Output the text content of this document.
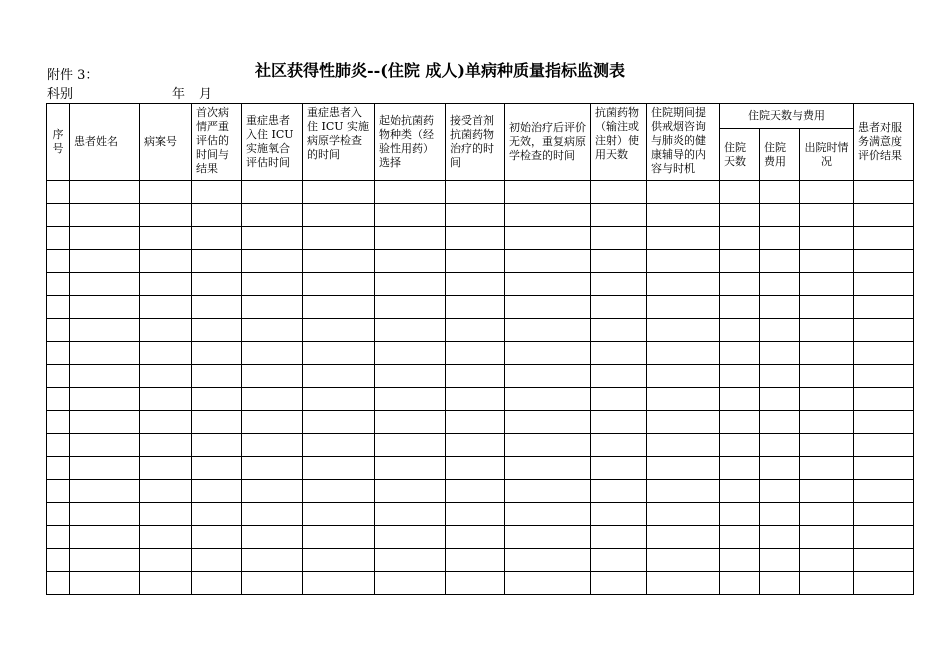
附件 3：	社区获得性肺炎--(住院 成人)单病种质量指标监测表
科别	年 月
序号	患者姓名	病案号	首次病情严重评估的时间与结果	重症患者入住 ICU 实施氧合评估时间	重症患者入住 ICU 实施病原学检查的时间	起始抗菌药物种类（经验性用药）选择	接受首剂抗菌药物治疗的时间	初始治疗后评价无效，重复病原学检查的时间	抗菌药物（输注或注射）使用天数	住院期间提供戒烟咨询与肺炎的健康辅导的内容与时机	住院天数与费用			患者对服务满意度评价结果
											住院天数	住院费用	出院时情况	
